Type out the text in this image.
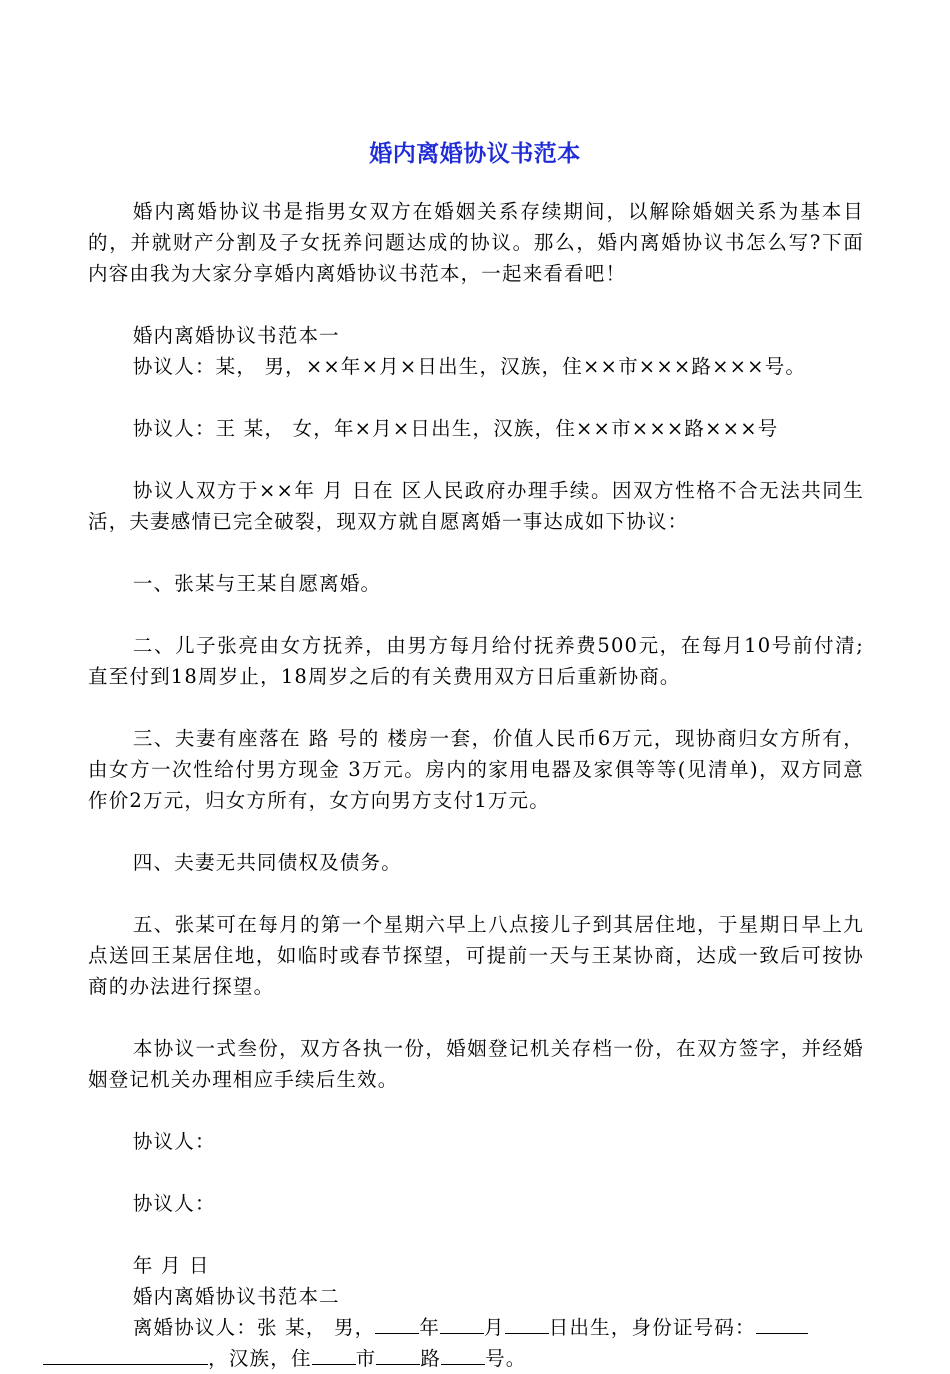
婚内离婚协议书范本

婚内离婚协议书是指男女双方在婚姻关系存续期间，以解除婚姻关系为基本目的，并就财产分割及子女抚养问题达成的协议。那么，婚内离婚协议书怎么写?下面内容由我为大家分享婚内离婚协议书范本，一起来看看吧！

婚内离婚协议书范本一

协议人：某， 男，××年×月×日出生，汉族，住××市×××路×××号。

协议人：王 某， 女，年×月×日出生，汉族，住××市×××路×××号

协议人双方于××年 月 日在 区人民政府办理手续。因双方性格不合无法共同生活，夫妻感情已完全破裂，现双方就自愿离婚一事达成如下协议：

一、张某与王某自愿离婚。

二、儿子张亮由女方抚养，由男方每月给付抚养费500元，在每月10号前付清;直至付到18周岁止，18周岁之后的有关费用双方日后重新协商。

三、夫妻有座落在 路 号的 楼房一套，价值人民币6万元，现协商归女方所有，由女方一次性给付男方现金 3万元。房内的家用电器及家俱等等(见清单)，双方同意作价2万元，归女方所有，女方向男方支付1万元。

四、夫妻无共同债权及债务。

五、张某可在每月的第一个星期六早上八点接儿子到其居住地，于星期日早上九点送回王某居住地，如临时或春节探望，可提前一天与王某协商，达成一致后可按协商的办法进行探望。

本协议一式叁份，双方各执一份，婚姻登记机关存档一份，在双方签字，并经婚姻登记机关办理相应手续后生效。

协议人：

协议人：

年 月 日

婚内离婚协议书范本二

离婚协议人：张 某， 男， 年 月 日出生，身份证号码：
，汉族，住 市 路 号。
